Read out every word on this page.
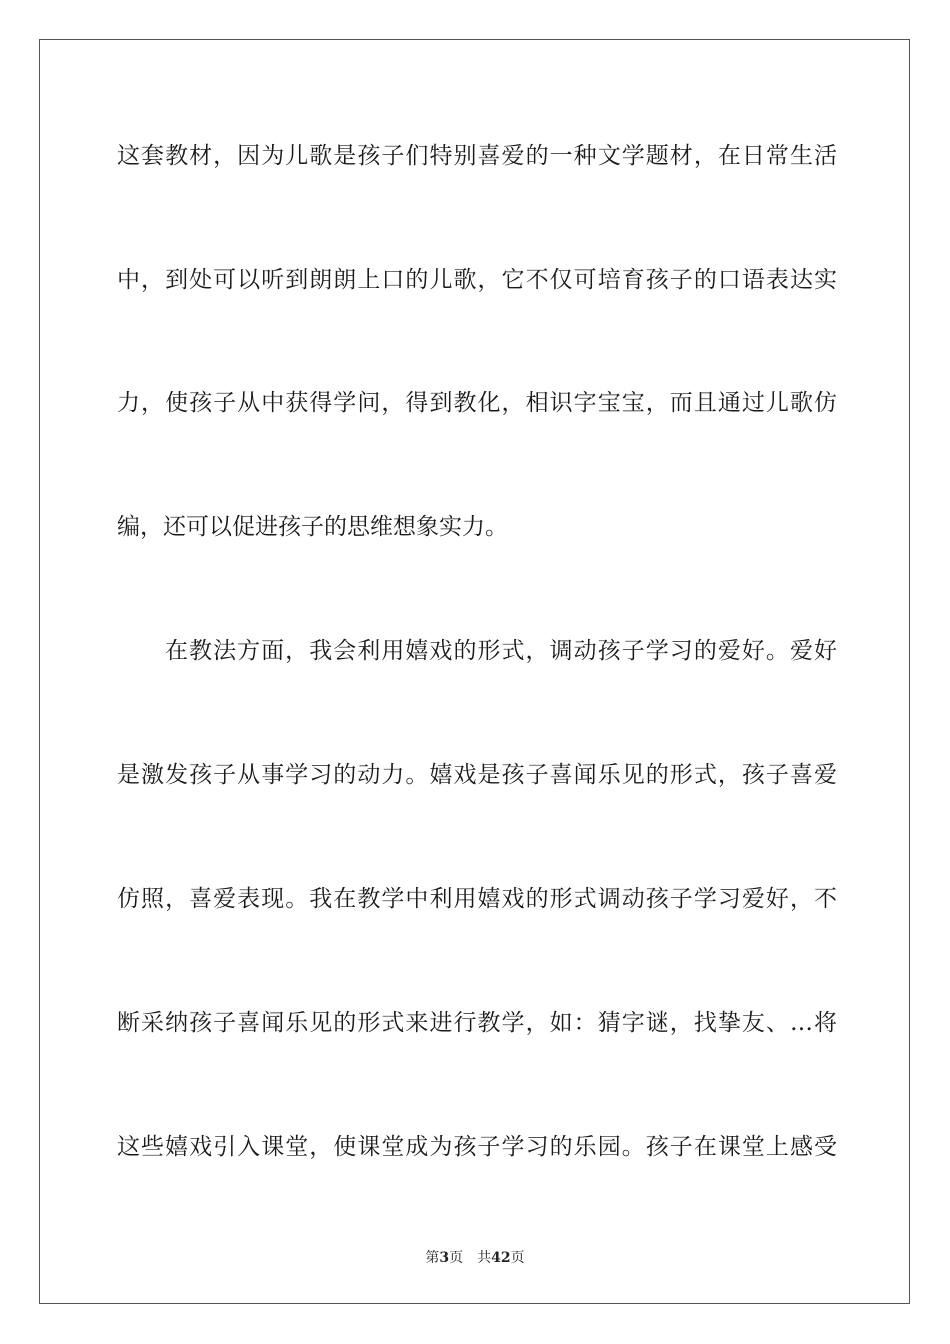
这套教材，因为儿歌是孩子们特别喜爱的一种文学题材，在日常生活
中，到处可以听到朗朗上口的儿歌，它不仅可培育孩子的口语表达实
力，使孩子从中获得学问，得到教化，相识字宝宝，而且通过儿歌仿
编，还可以促进孩子的思维想象实力。
在教法方面，我会利用嬉戏的形式，调动孩子学习的爱好。爱好
是激发孩子从事学习的动力。嬉戏是孩子喜闻乐见的形式，孩子喜爱
仿照，喜爱表现。我在教学中利用嬉戏的形式调动孩子学习爱好，不
断采纳孩子喜闻乐见的形式来进行教学，如：猜字谜，找挚友、…将
这些嬉戏引入课堂，使课堂成为孩子学习的乐园。孩子在课堂上感受
第3页 共42页
